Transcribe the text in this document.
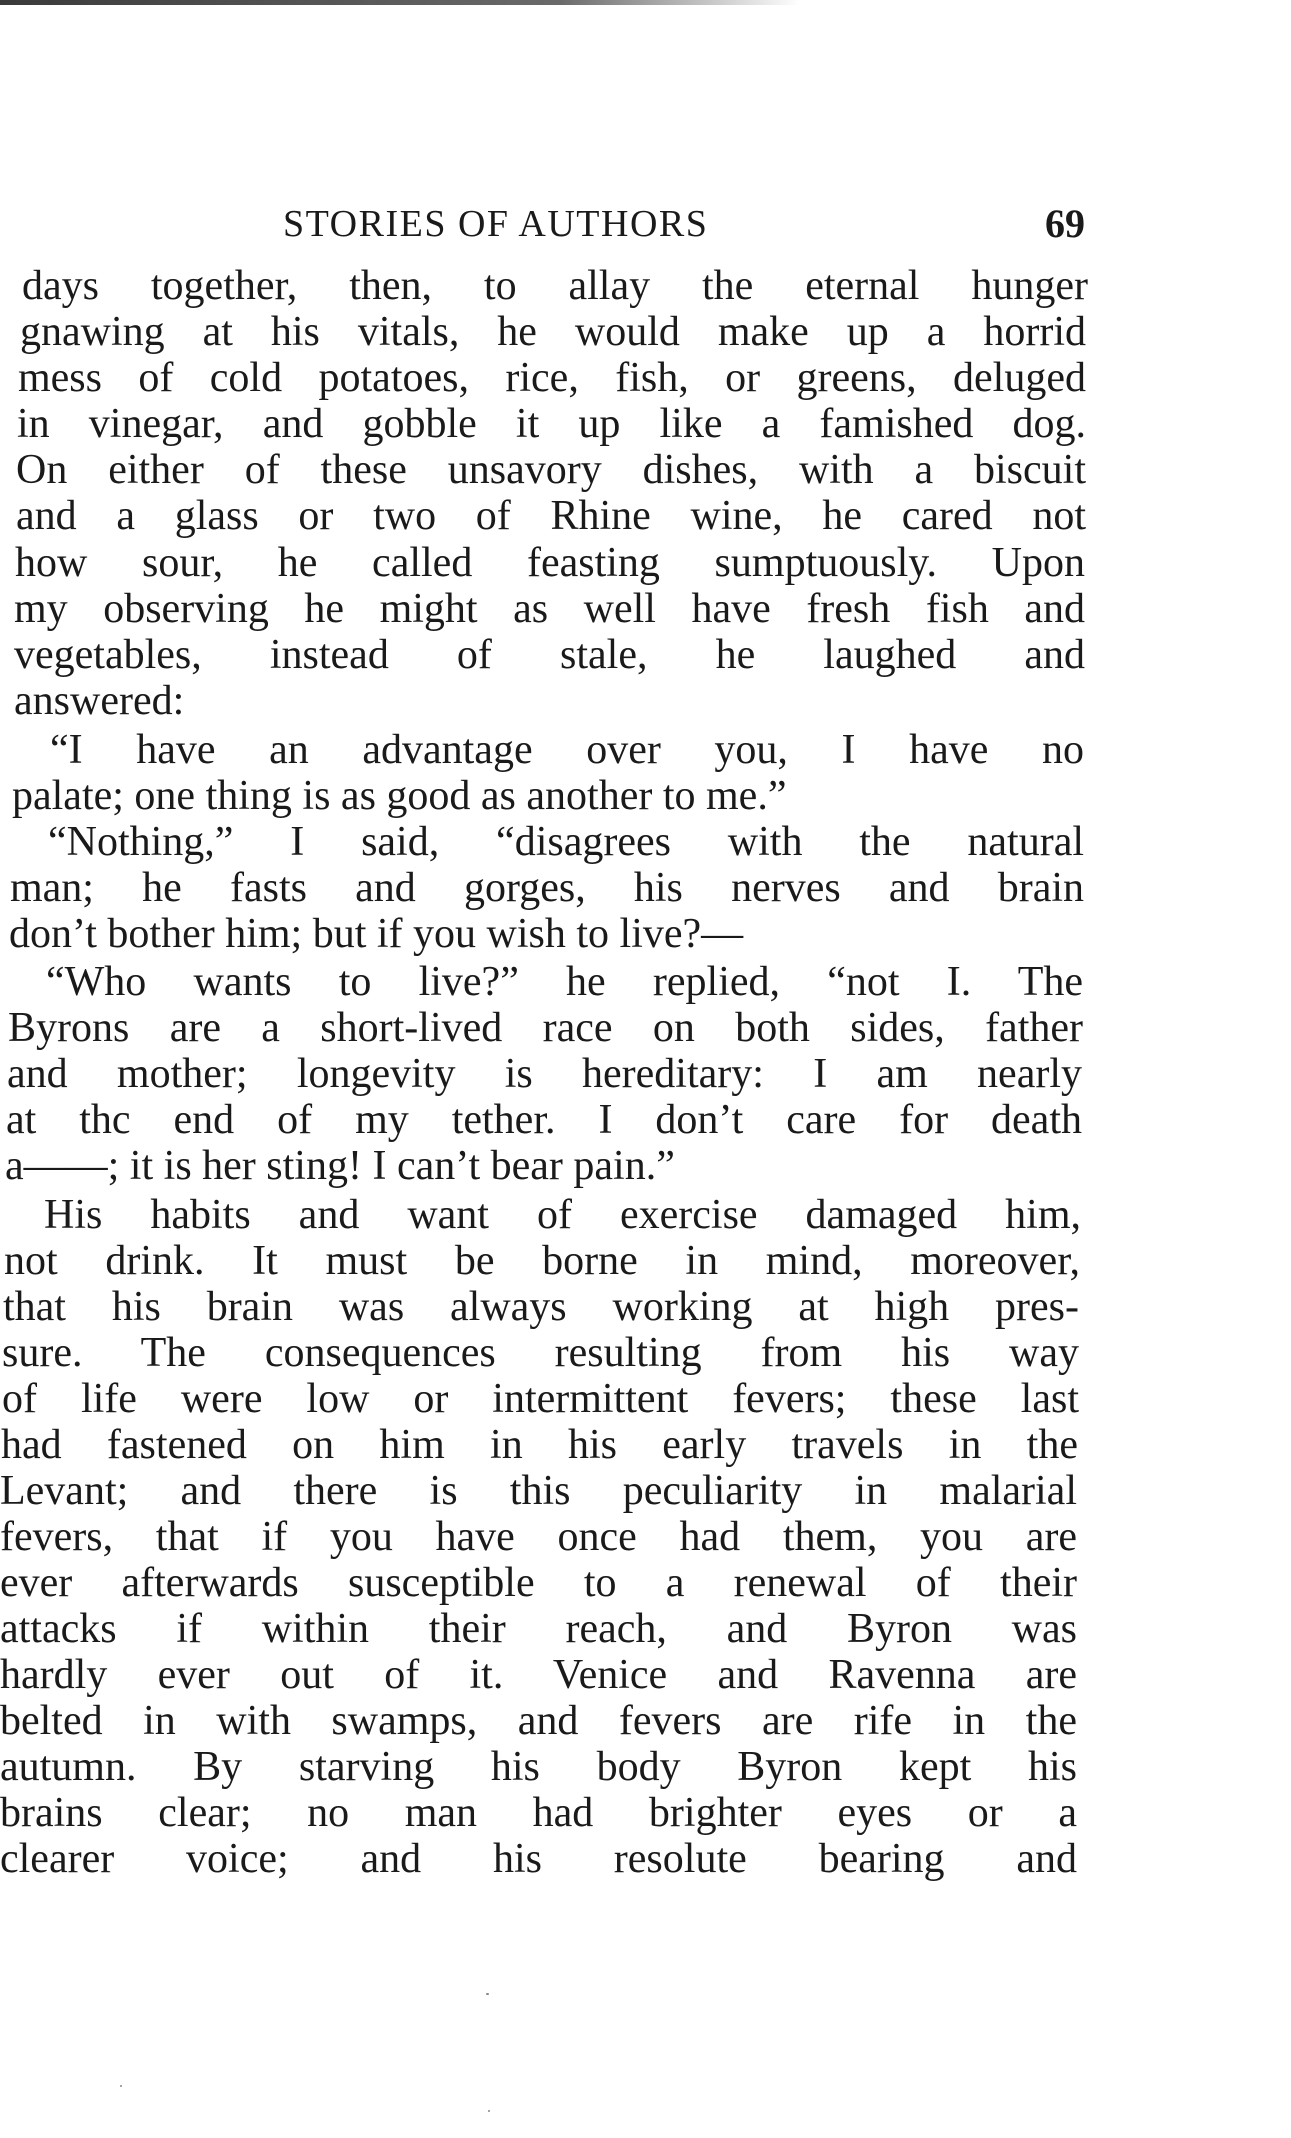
STORIES OF AUTHORS	69
days together, then, to allay the eternal hunger
gnawing at his vitals, he would make up a horrid
mess of cold potatoes, rice, fish, or greens, deluged
in vinegar, and gobble it up like a famished dog.
On either of these unsavory dishes, with a biscuit
and a glass or two of Rhine wine, he cared not
how sour, he called feasting sumptuously. Upon
my observing he might as well have fresh fish and
vegetables, instead of stale, he laughed and
answered:
“I have an advantage over you, I have no
palate; one thing is as good as another to me.”
“Nothing,” I said, “disagrees with the natural
man; he fasts and gorges, his nerves and brain
don’t bother him; but if you wish to live?—
“Who wants to live?” he replied, “not I. The
Byrons are a short-lived race on both sides, father
and mother; longevity is hereditary: I am nearly
at thc end of my tether. I don’t care for death
a——; it is her sting! I can’t bear pain.”
His habits and want of exercise damaged him,
not drink. It must be borne in mind, moreover,
that his brain was always working at high pres-
sure. The consequences resulting from his way
of life were low or intermittent fevers; these last
had fastened on him in his early travels in the
Levant; and there is this peculiarity in malarial
fevers, that if you have once had them, you are
ever afterwards susceptible to a renewal of their
attacks if within their reach, and Byron was
hardly ever out of it. Venice and Ravenna are
belted in with swamps, and fevers are rife in the
autumn. By starving his body Byron kept his
brains clear; no man had brighter eyes or a
clearer voice; and his resolute bearing and
